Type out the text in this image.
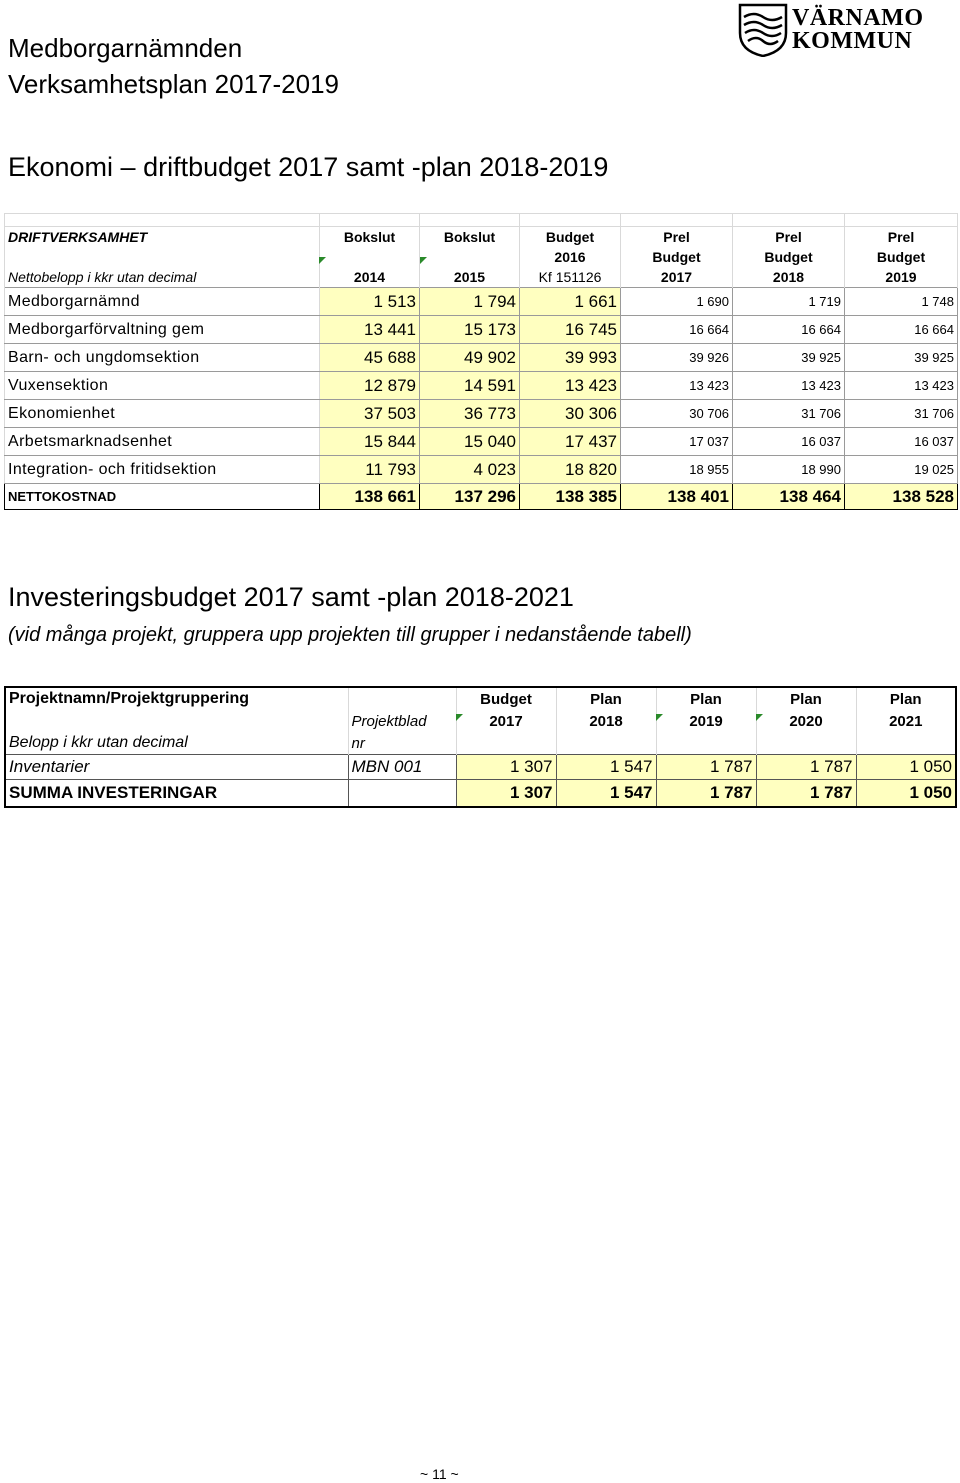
Medborgarnämnden
Verksamhetsplan 2017-2019
VÄRNAMO
KOMMUN
Ekonomi – driftbudget 2017 samt -plan 2018-2019

DRIFTVERKSAMHET	Bokslut	Bokslut	Budget	Prel	Prel	Prel
			2016	Budget	Budget	Budget
Nettobelopp i kkr utan decimal	2014	2015	Kf 151126	2017	2018	2019
Medborgarnämnd	1 513	1 794	1 661	1 690	1 719	1 748
Medborgarförvaltning gem	13 441	15 173	16 745	16 664	16 664	16 664
Barn- och ungdomsektion	45 688	49 902	39 993	39 926	39 925	39 925
Vuxensektion	12 879	14 591	13 423	13 423	13 423	13 423
Ekonomienhet	37 503	36 773	30 306	30 706	31 706	31 706
Arbetsmarknadsenhet	15 844	15 040	17 437	17 037	16 037	16 037
Integration- och fritidsektion	11 793	4 023	18 820	18 955	18 990	19 025
NETTOKOSTNAD	138 661	137 296	138 385	138 401	138 464	138 528
Investeringsbudget 2017 samt -plan 2018-2021
(vid många projekt, gruppera upp projekten till grupper i nedanstående tabell)
Projektnamn/Projektgruppering		Budget	Plan	Plan	Plan	Plan
	Projektblad	2017	2018	2019	2020	2021
Belopp i kkr utan decimal	nr					
Inventarier	MBN 001	1 307	1 547	1 787	1 787	1 050
SUMMA INVESTERINGAR		1 307	1 547	1 787	1 787	1 050
~ 11 ~
